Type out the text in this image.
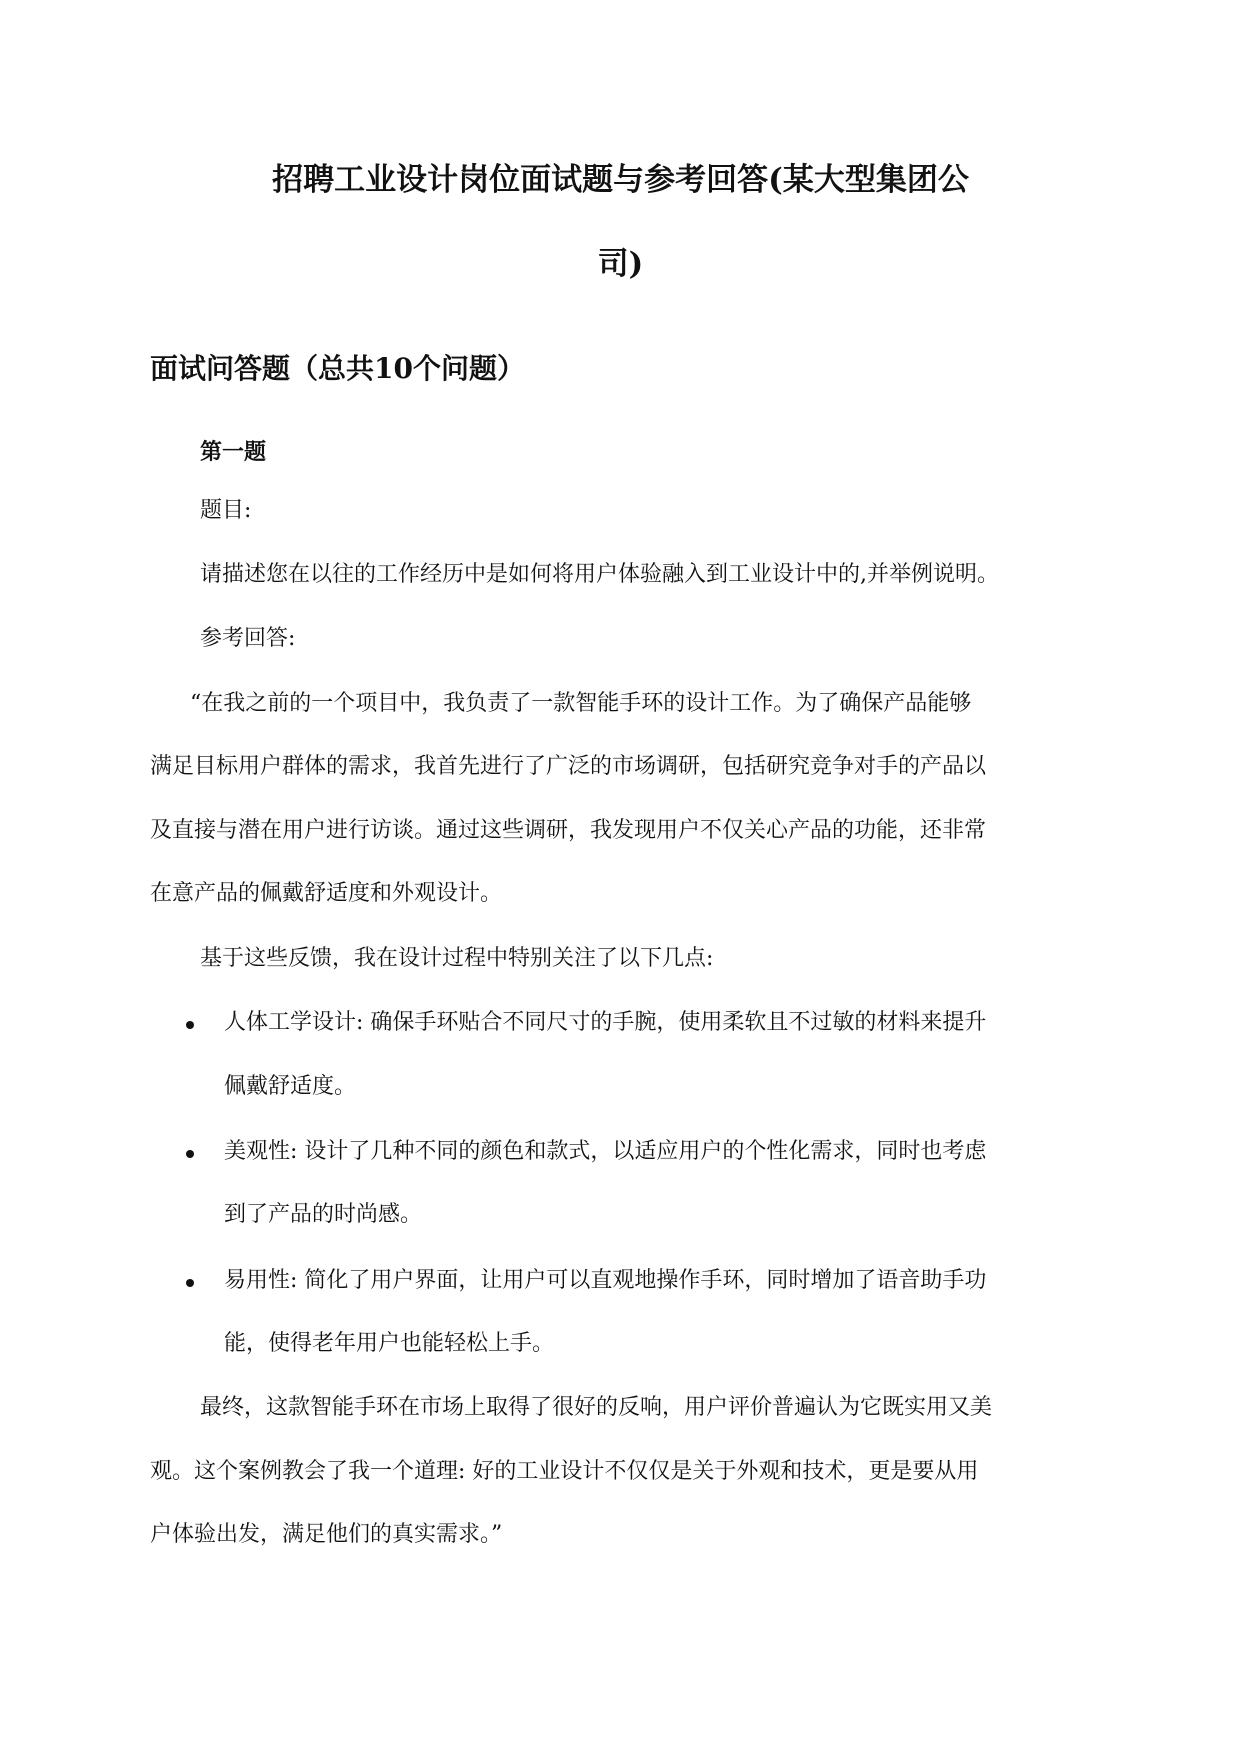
招聘工业设计岗位面试题与参考回答(某大型集团公
司)
面试问答题（总共10个问题）
第一题

题目:

请描述您在以往的工作经历中是如何将用户体验融入到工业设计中的,并举例说明。

参考回答:

“在我之前的一个项目中，我负责了一款智能手环的设计工作。为了确保产品能够

满足目标用户群体的需求，我首先进行了广泛的市场调研，包括研究竞争对手的产品以

及直接与潜在用户进行访谈。通过这些调研，我发现用户不仅关心产品的功能，还非常

在意产品的佩戴舒适度和外观设计。

基于这些反馈，我在设计过程中特别关注了以下几点:

人体工学设计: 确保手环贴合不同尺寸的手腕，使用柔软且不过敏的材料来提升

佩戴舒适度。

美观性: 设计了几种不同的颜色和款式，以适应用户的个性化需求，同时也考虑

到了产品的时尚感。

易用性: 简化了用户界面，让用户可以直观地操作手环，同时增加了语音助手功

能，使得老年用户也能轻松上手。

最终，这款智能手环在市场上取得了很好的反响，用户评价普遍认为它既实用又美

观。这个案例教会了我一个道理: 好的工业设计不仅仅是关于外观和技术，更是要从用

户体验出发，满足他们的真实需求。”
